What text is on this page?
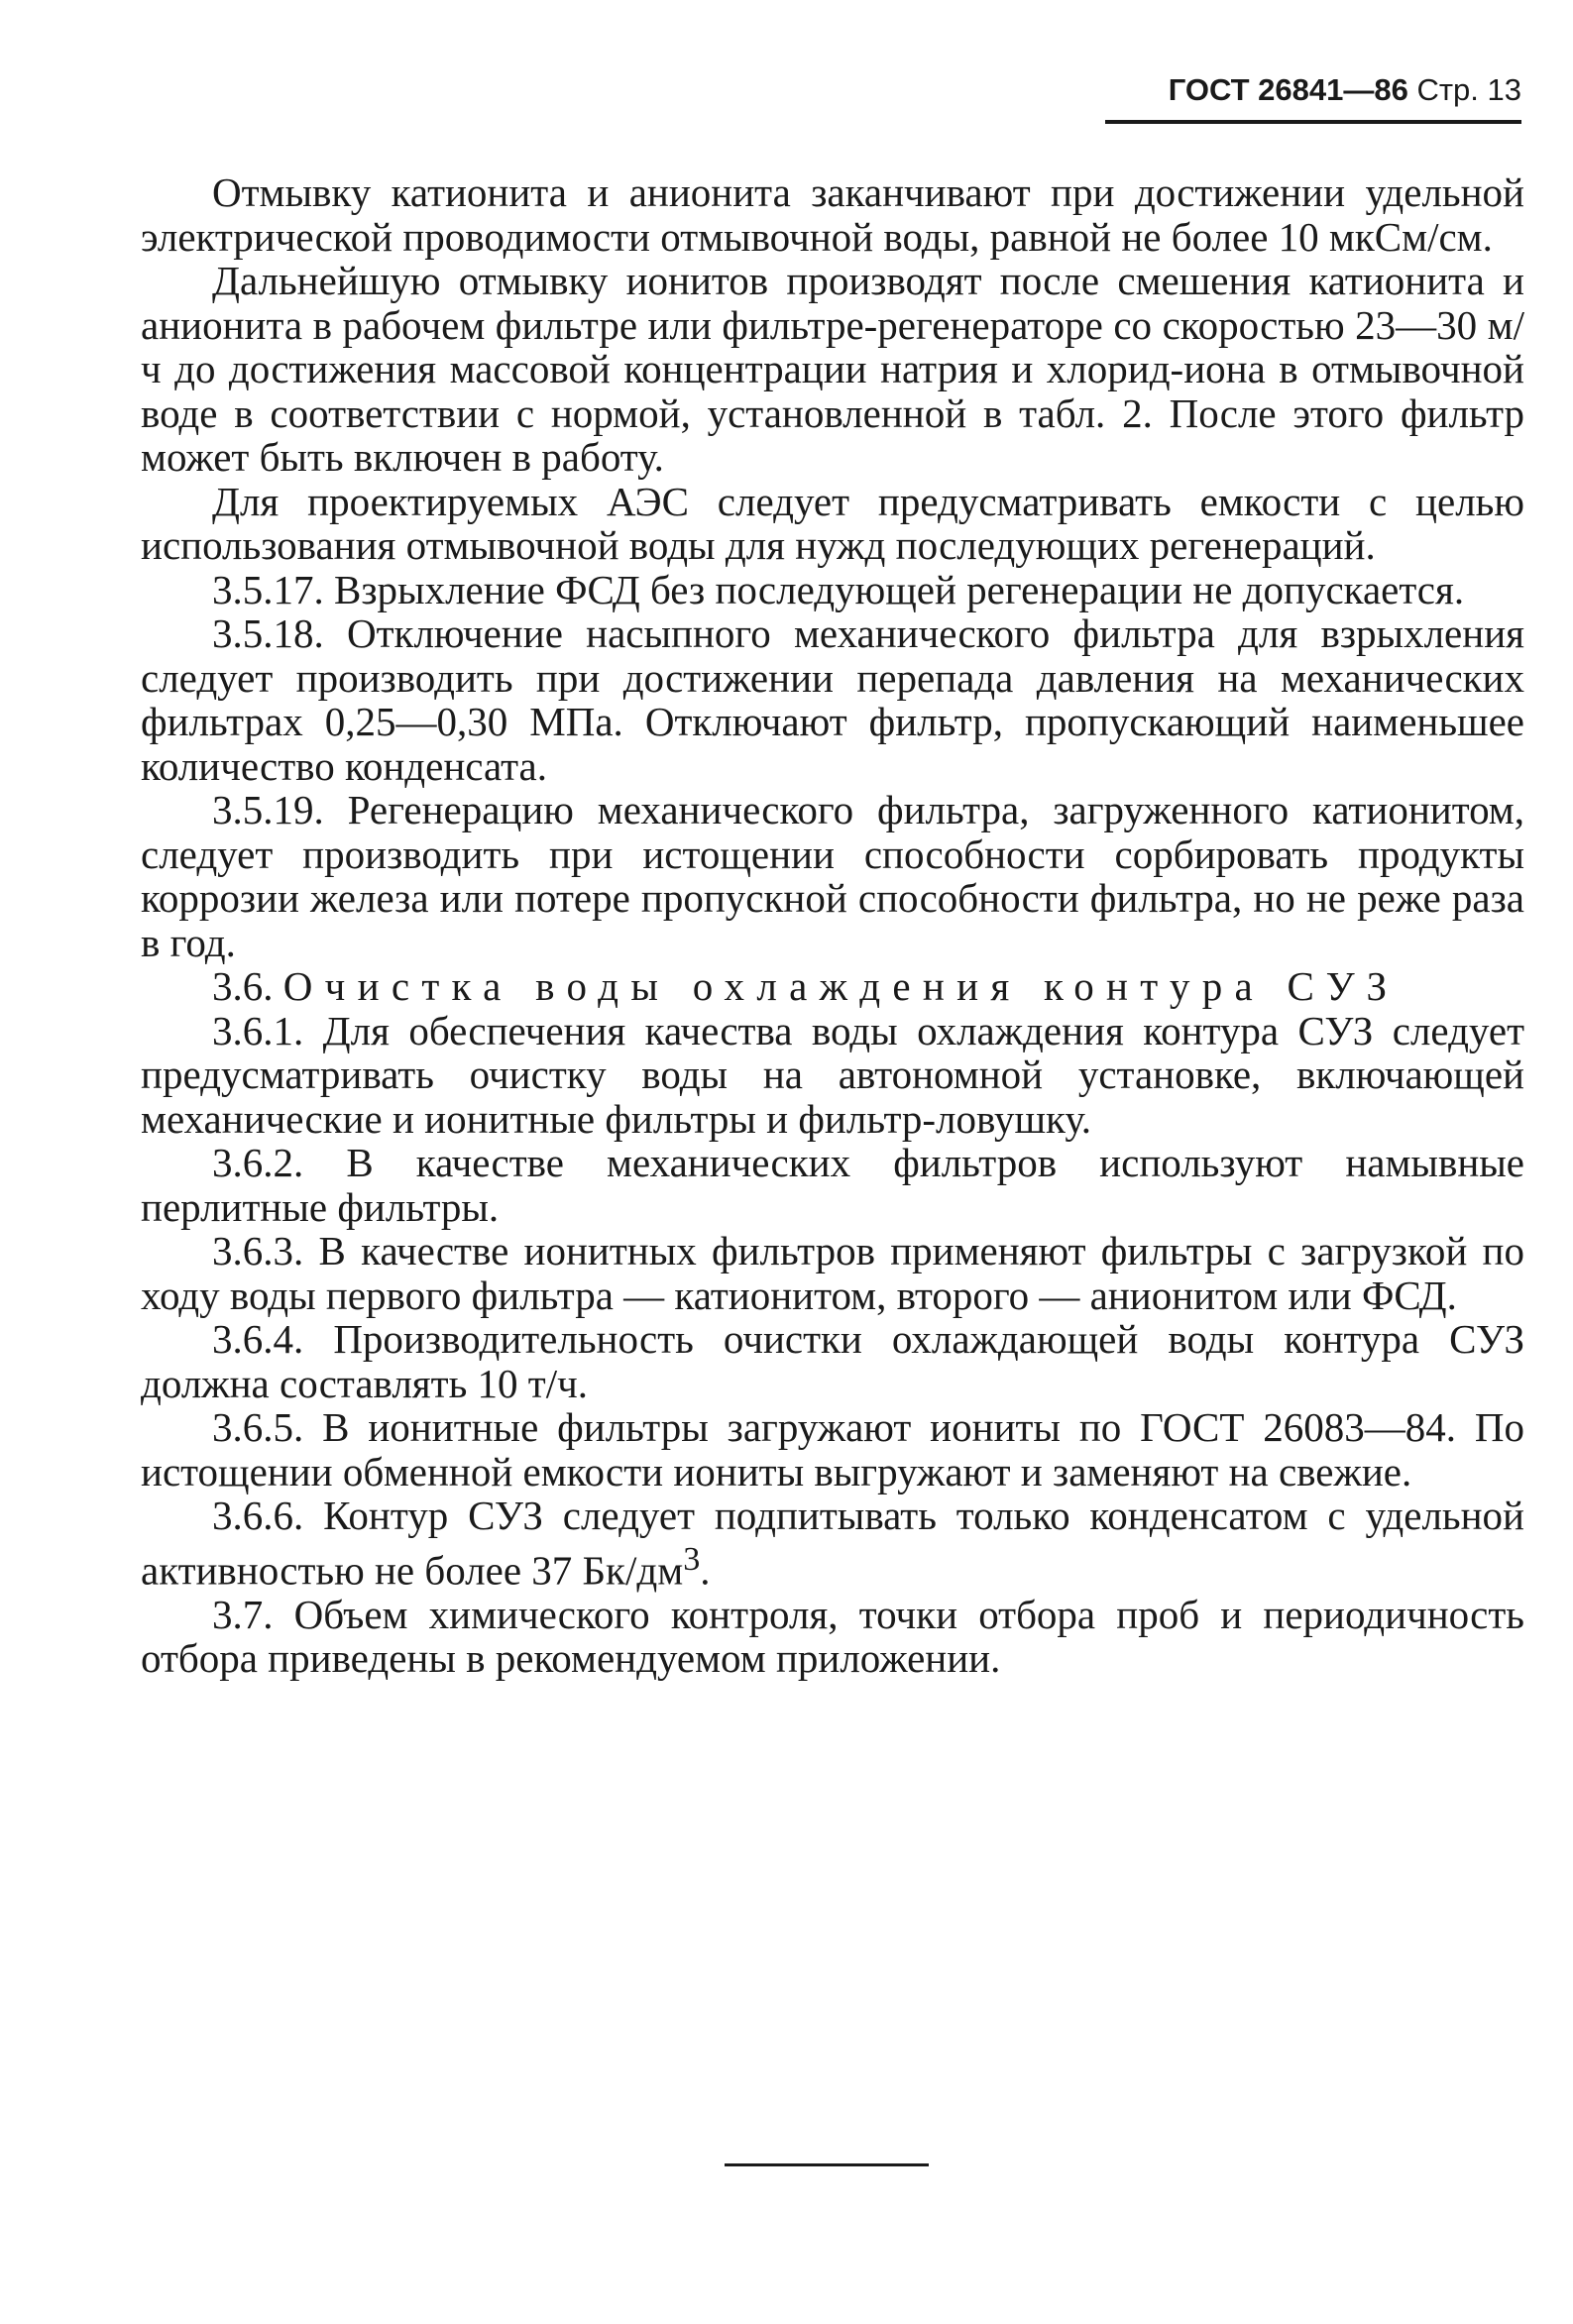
ГОСТ 26841—86 Стр. 13

Отмывку катионита и анионита заканчивают при достижении удельной электрической проводимости отмывочной воды, равной не более 10 мкСм/см.

Дальнейшую отмывку ионитов производят после смешения катионита и анионита в рабочем фильтре или фильтре-регенераторе со скоростью 23—30 м/ч до достижения массовой концентрации натрия и хлорид-иона в отмывочной воде в соответствии с нормой, установленной в табл. 2. После этого фильтр может быть включен в работу.

Для проектируемых АЭС следует предусматривать емкости с целью использования отмывочной воды для нужд последующих регенераций.

3.5.17. Взрыхление ФСД без последующей регенерации не допускается.

3.5.18. Отключение насыпного механического фильтра для взрыхления следует производить при достижении перепада давления на механических фильтрах 0,25—0,30 МПа. Отключают фильтр, пропускающий наименьшее количество конденсата.

3.5.19. Регенерацию механического фильтра, загруженного катионитом, следует производить при истощении способности сорбировать продукты коррозии железа или потере пропускной способности фильтра, но не реже раза в год.

3.6. Очистка воды охлаждения контура СУЗ

3.6.1. Для обеспечения качества воды охлаждения контура СУЗ следует предусматривать очистку воды на автономной установке, включающей механические и ионитные фильтры и фильтр-ловушку.

3.6.2. В качестве механических фильтров используют намывные перлитные фильтры.

3.6.3. В качестве ионитных фильтров применяют фильтры с загрузкой по ходу воды первого фильтра — катионитом, второго — анионитом или ФСД.

3.6.4. Производительность очистки охлаждающей воды контура СУЗ должна составлять 10 т/ч.

3.6.5. В ионитные фильтры загружают иониты по ГОСТ 26083—84. По истощении обменной емкости иониты выгружают и заменяют на свежие.

3.6.6. Контур СУЗ следует подпитывать только конденсатом с удельной активностью не более 37 $Бк/дм^3$.

3.7. Объем химического контроля, точки отбора проб и периодичность отбора приведены в рекомендуемом приложении.
